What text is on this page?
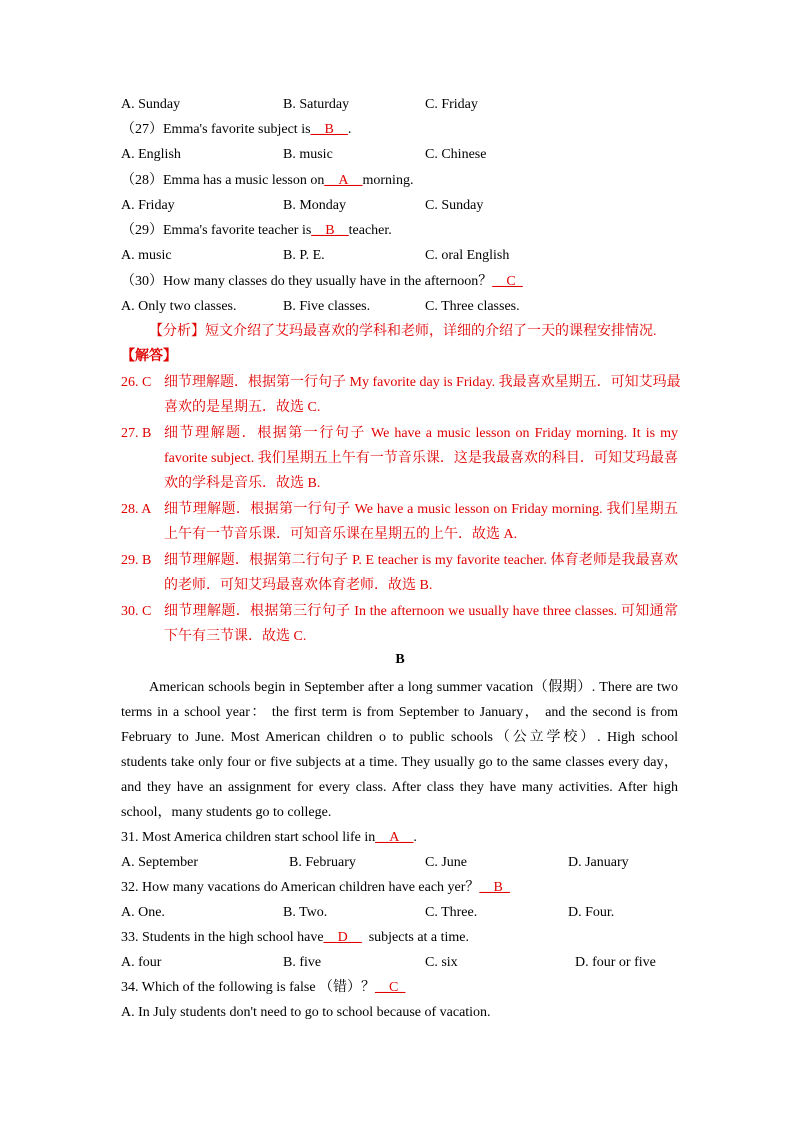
A. Sunday	B. Saturday	C. Friday
（27）Emma's favorite subject is__B__.
A. English	B. music	C. Chinese
（28）Emma has a music lesson on__A__morning.
A. Friday	B. Monday	C. Sunday
（29）Emma's favorite teacher is__B__teacher.
A. music	B. P. E.	C. oral English
（30）How many classes do they usually have in the afternoon？__C_
A. Only two classes.	B. Five classes.	C. Three classes.
【分析】短文介绍了艾玛最喜欢的学科和老师，详细的介绍了一天的课程安排情况.
【解答】
26. C 细节理解题．根据第一行句子 My favorite day is Friday. 我最喜欢星期五．可知艾玛最
喜欢的是星期五．故选 C.
27. B 细节理解题．根据第一行句子 We have a music lesson on Friday morning. It is my
favorite subject. 我们星期五上午有一节音乐课．这是我最喜欢的科目．可知艾玛最喜
欢的学科是音乐．故选 B.
28. A 细节理解题．根据第一行句子 We have a music lesson on Friday morning. 我们星期五
上午有一节音乐课．可知音乐课在星期五的上午．故选 A.
29. B 细节理解题．根据第二行句子 P. E teacher is my favorite teacher. 体育老师是我最喜欢
的老师．可知艾玛最喜欢体育老师．故选 B.
30. C 细节理解题．根据第三行句子 In the afternoon we usually have three classes. 可知通常
下午有三节课．故选 C.
B
American schools begin in September after a long summer vacation（假期）. There are two
terms in a school year： the first term is from September to January， and the second is from
February to June. Most American children o to public schools（公立学校）. High school
students take only four or five subjects at a time. They usually go to the same classes every day，
and they have an assignment for every class. After class they have many activities. After high
school，many students go to college.
31. Most America children start school life in__A__.
A. September	B. February	C. June	D. January
32. How many vacations do American children have each yer？__B_
A. One.	B. Two.	C. Three.	D. Four.
33. Students in the high school have__D__  subjects at a time.
A. four	B. five	C. six	D. four or five
34. Which of the following is false （错）？__C_
A. In July students don't need to go to school because of vacation.
